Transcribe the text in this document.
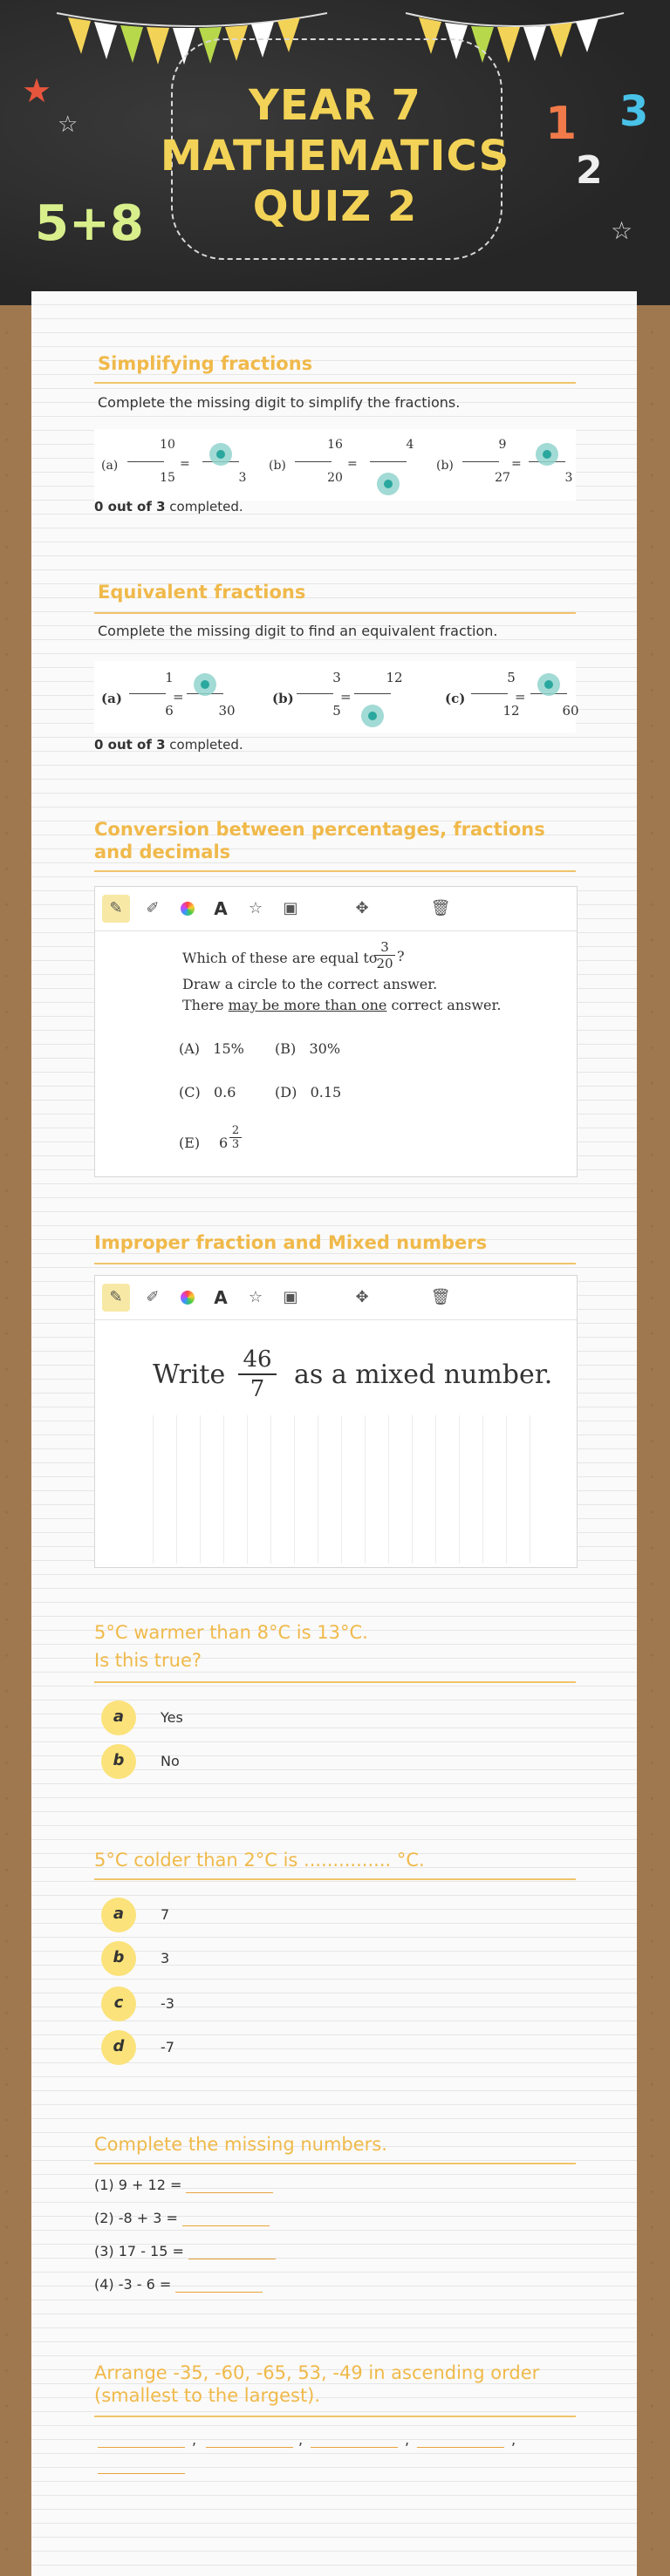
YEAR 7
MATHEMATICS
QUIZ 2
5+8
1
2
3
★
☆
☆
Simplifying fractions
Complete the missing digit to simplify the fractions.
(a)
10
15
=
3
(b)
16
20
=
4
(b)
9
27
=
3
0 out of 3 completed.
Equivalent fractions
Complete the missing digit to find an equivalent fraction.
(a)
1
6
=
30
(b)
3
5
=
12
(c)
5
12
=
60
0 out of 3 completed.
Conversion between percentages, fractions and decimals
✎	✐	A	☆	▣	✥	🗑
Which of these are equal to
3
20 ?
Draw a circle to the correct answer.
There may be more than one correct answer.
(A)   15% (B)   30%
(C)   0.6	(D)   0.15
(E) 6
2
3
Improper fraction and Mixed numbers
✎	✐	A	☆	▣	✥	🗑
Write 46
7	as a mixed number.
5°C warmer than 8°C is 13°C.
Is this true?
a	Yes
b	No
5°C colder than 2°C is ............... °C.
a	7
b	3
c	-3
d	-7
Complete the missing numbers.
(1) 9 + 12 =
(2) -8 + 3 =
(3) 17 - 15 =
(4) -3 - 6 =
Arrange -35, -60, -65, 53, -49 in ascending order
(smallest to the largest).
,	,	,	,
